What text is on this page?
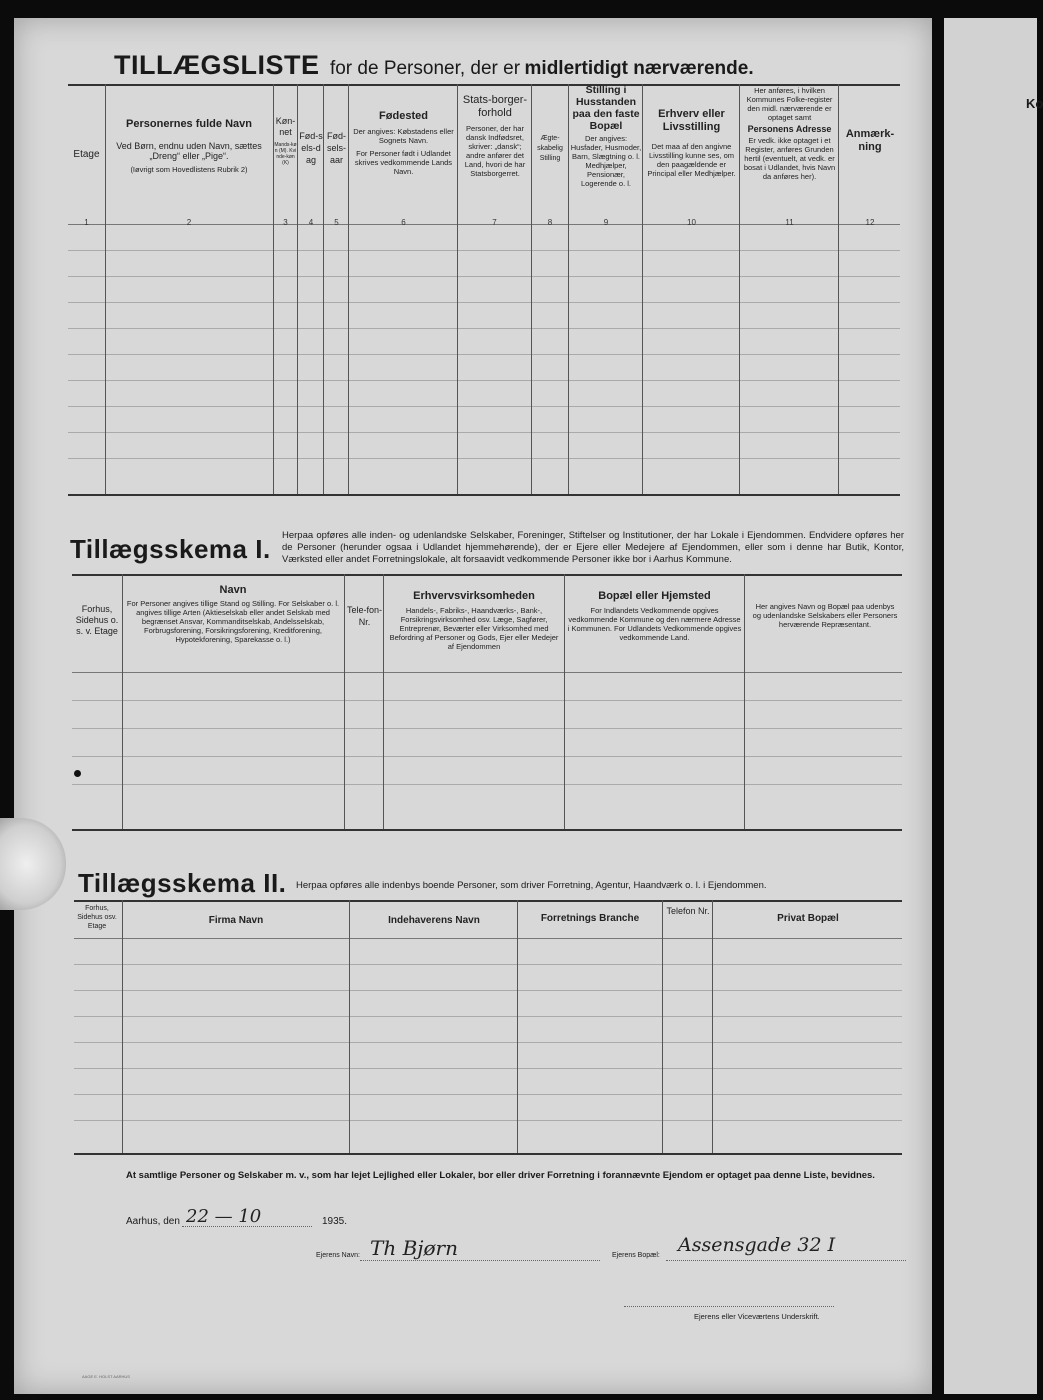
TILLÆGSLISTE for de Personer, der er midlertidigt nærværende.
Etage
Personernes fulde Navn
Ved Børn, endnu uden Navn, sættes „Dreng“ eller „Pige“.
(Iøvrigt som Hovedlistens Rubrik 2)
Køn-net
Mands-køn (M). Kvinde-køn (K)
Fød-sels-dag
Fød-sels-aar
Fødested
Der angives: Købstadens eller Sognets Navn.
For Personer født i Udlandet skrives vedkommende Lands Navn.
Stats-borger-forhold
Personer, der har dansk Indfødsret, skriver: „dansk“; andre anfører det Land, hvori de har Statsborgerret.
Ægte-skabelig Stilling
Stilling i Husstanden paa den faste Bopæl
Der angives: Husfader, Husmoder, Barn, Slægtning o. l. Medhjælper, Pensionær, Logerende o. l.
Erhverv eller Livsstilling
Det maa af den angivne Livsstilling kunne ses, om den paagældende er Principal eller Medhjælper.
Her anføres, i hvilken Kommunes Folke-register den midl. nærværende er optaget samt
Personens Adresse
Er vedk. ikke optaget i et Register, anføres Grunden hertil (eventuelt, at vedk. er bosat i Udlandet, hvis Navn da anføres her).
Anmærk-ning
1	2	3	4	5	6	7	8	9	10	11	12
Tillægsskema I. Herpaa opføres alle inden- og udenlandske Selskaber, Foreninger, Stiftelser og Institutioner, der har Lokale i Ejendommen. Endvidere opføres her de Personer (herunder ogsaa i Udlandet hjemmehørende), der er Ejere eller Medejere af Ejendommen, eller som i denne har Butik, Kontor, Værksted eller andet Forretningslokale, alt forsaavidt vedkommende Personer ikke bor i Aarhus Kommune.
Forhus, Sidehus o. s. v. Etage
Navn
For Personer angives tillige Stand og Stilling. For Selskaber o. l. angives tillige Arten (Aktieselskab eller andet Selskab med begrænset Ansvar, Kommanditselskab, Andelsselskab, Forbrugsforening, Forsikringsforening, Kreditforening, Hypotekforening, Sparekasse o. l.)
Tele-fon-Nr.
Erhvervsvirksomheden
Handels-, Fabriks-, Haandværks-, Bank-, Forsikringsvirksomhed osv. Læge, Sagfører, Entreprenør, Beværter eller Virksomhed med Befordring af Personer og Gods, Ejer eller Medejer af Ejendommen
Bopæl eller Hjemsted
For Indlandets Vedkommende opgives vedkommende Kommune og den nærmere Adresse i Kommunen. For Udlandets Vedkommende opgives vedkommende Land.
Her angives Navn og Bopæl paa udenbys og udenlandske Selskabers eller Personers herværende Repræsentant.
Tillægsskema II. Herpaa opføres alle indenbys boende Personer, som driver Forretning, Agentur, Haandværk o. l. i Ejendommen.
Forhus, Sidehus osv. Etage
Firma Navn	Indehaverens Navn	Forretnings Branche
Telefon Nr.
Privat Bopæl
At samtlige Personer og Selskaber m. v., som har lejet Lejlighed eller Lokaler, bor eller driver Forretning i forannævnte Ejendom er optaget paa denne Liste, bevidnes.
Aarhus, den 22 — 10	1935.
Ejerens Navn: Th Bjørn	Ejerens Bopæl: Assensgade 32 I
Ejerens eller Viceværtens Underskrift.
AAGE E. HOLST AARHUS
Ko
